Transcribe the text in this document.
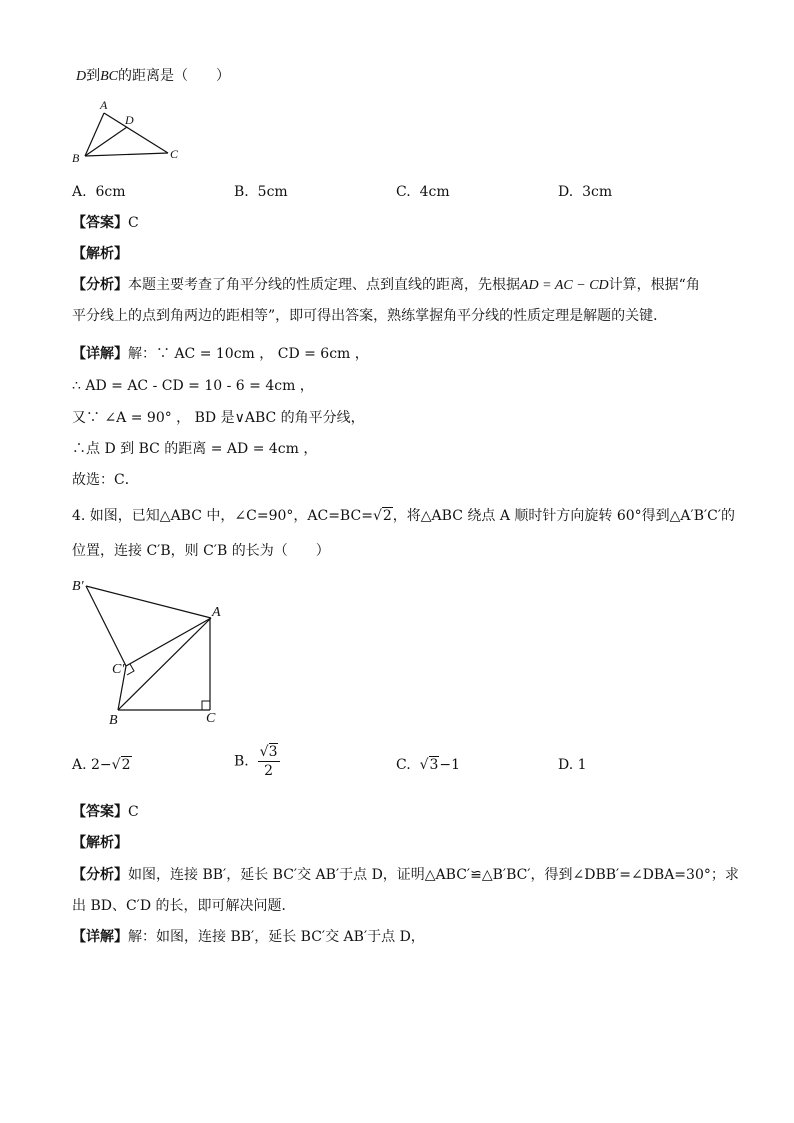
D到BC的距离是（　　）
A
D
B	C
A. 6cm	B. 5cm	C. 4cm	D. 3cm
【答案】C
【解析】
【分析】本题主要考查了角平分线的性质定理、点到直线的距离，先根据AD = AC − CD计算，根据“角
平分线上的点到角两边的距相等”，即可得出答案，熟练掌握角平分线的性质定理是解题的关键．
【详解】解：∵ AC = 10cm ， CD = 6cm ，
∴ AD = AC - CD = 10 - 6 = 4cm ，
又∵ ∠A = 90° ， BD 是∨ABC 的角平分线，
∴点 D 到 BC 的距离 = AD = 4cm ，
故选：C．
4. 如图，已知△ABC 中，∠C=90°，AC=BC=√2，将△ABC 绕点 A 顺时针方向旋转 60°得到△A′B′C′的
位置，连接 C′B，则 C′B 的长为（　　）
B′
A
C′
B	C
A. 2−√2	B. $\frac{√3}{2}$	C. √3−1	D. 1
【答案】C
【解析】
【分析】如图，连接 BB′，延长 BC′交 AB′于点 D，证明△ABC′≌△B′BC′，得到∠DBB′=∠DBA=30°；求
出 BD、C′D 的长，即可解决问题．
【详解】解：如图，连接 BB′，延长 BC′交 AB′于点 D，
